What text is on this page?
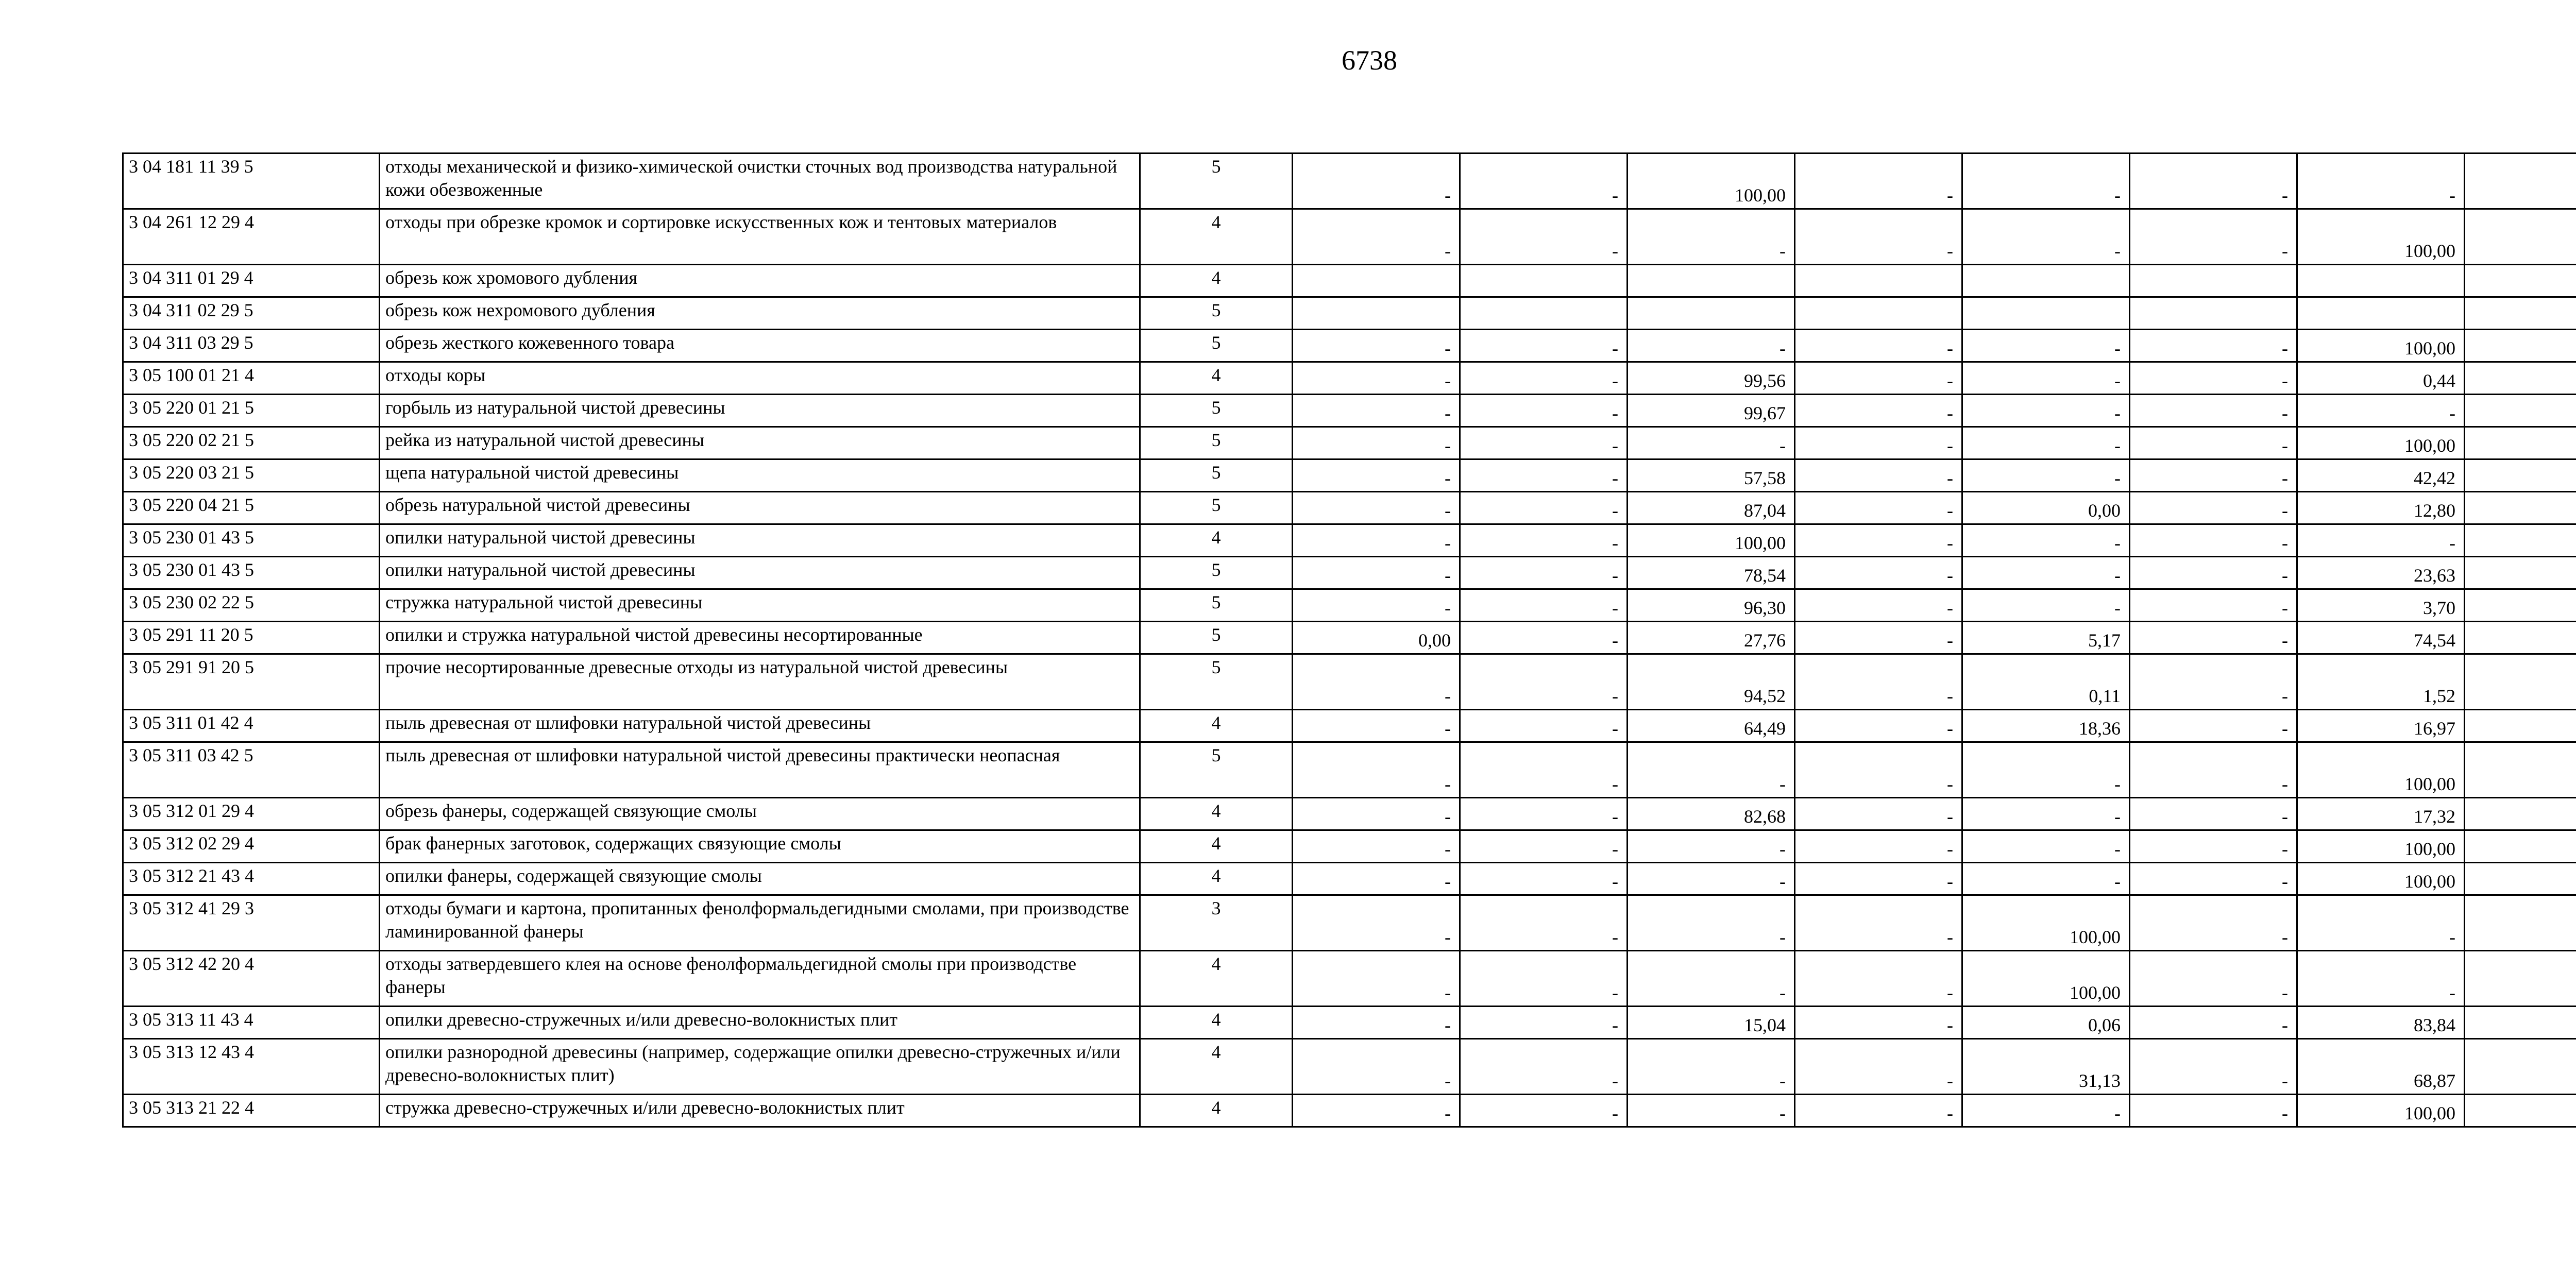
6738
3 04 181 11 39 5	отходы механической и физико-химической очистки сточных вод производства натуральной кожи обезвоженные	5	-	-	100,00	-	-	-	-	
3 04 261 12 29 4	отходы при обрезке кромок и сортировке искусственных кож и тентовых материалов	4	-	-	-	-	-	-	100,00	
3 04 311 01 29 4	обрезь кож хромового дубления	4								
3 04 311 02 29 5	обрезь кож нехромового дубления	5								
3 04 311 03 29 5	обрезь жесткого кожевенного товара	5	-	-	-	-	-	-	100,00	
3 05 100 01 21 4	отходы коры	4	-	-	99,56	-	-	-	0,44	
3 05 220 01 21 5	горбыль из натуральной чистой древесины	5	-	-	99,67	-	-	-	-	
3 05 220 02 21 5	рейка из натуральной чистой древесины	5	-	-	-	-	-	-	100,00	
3 05 220 03 21 5	щепа натуральной чистой древесины	5	-	-	57,58	-	-	-	42,42	
3 05 220 04 21 5	обрезь натуральной чистой древесины	5	-	-	87,04	-	0,00	-	12,80	
3 05 230 01 43 5	опилки натуральной чистой древесины	4	-	-	100,00	-	-	-	-	
3 05 230 01 43 5	опилки натуральной чистой древесины	5	-	-	78,54	-	-	-	23,63	
3 05 230 02 22 5	стружка натуральной чистой древесины	5	-	-	96,30	-	-	-	3,70	
3 05 291 11 20 5	опилки и стружка натуральной чистой древесины несортированные	5	0,00	-	27,76	-	5,17	-	74,54	
3 05 291 91 20 5	прочие несортированные древесные отходы из натуральной чистой древесины	5	-	-	94,52	-	0,11	-	1,52	
3 05 311 01 42 4	пыль древесная от шлифовки натуральной чистой древесины	4	-	-	64,49	-	18,36	-	16,97	
3 05 311 03 42 5	пыль древесная от шлифовки натуральной чистой древесины практически неопасная	5	-	-	-	-	-	-	100,00	
3 05 312 01 29 4	обрезь фанеры, содержащей связующие смолы	4	-	-	82,68	-	-	-	17,32	
3 05 312 02 29 4	брак фанерных заготовок, содержащих связующие смолы	4	-	-	-	-	-	-	100,00	
3 05 312 21 43 4	опилки фанеры, содержащей связующие смолы	4	-	-	-	-	-	-	100,00	
3 05 312 41 29 3	отходы бумаги и картона, пропитанных фенолформальдегидными смолами, при производстве ламинированной фанеры	3	-	-	-	-	100,00	-	-	
3 05 312 42 20 4	отходы затвердевшего клея на основе фенолформальдегидной смолы при производстве фанеры	4	-	-	-	-	100,00	-	-	
3 05 313 11 43 4	опилки древесно-стружечных и/или древесно-волокнистых плит	4	-	-	15,04	-	0,06	-	83,84	
3 05 313 12 43 4	опилки разнородной древесины (например, содержащие опилки древесно-стружечных и/или древесно-волокнистых плит)	4	-	-	-	-	31,13	-	68,87	
3 05 313 21 22 4	стружка древесно-стружечных и/или древесно-волокнистых плит	4	-	-	-	-	-	-	100,00	
